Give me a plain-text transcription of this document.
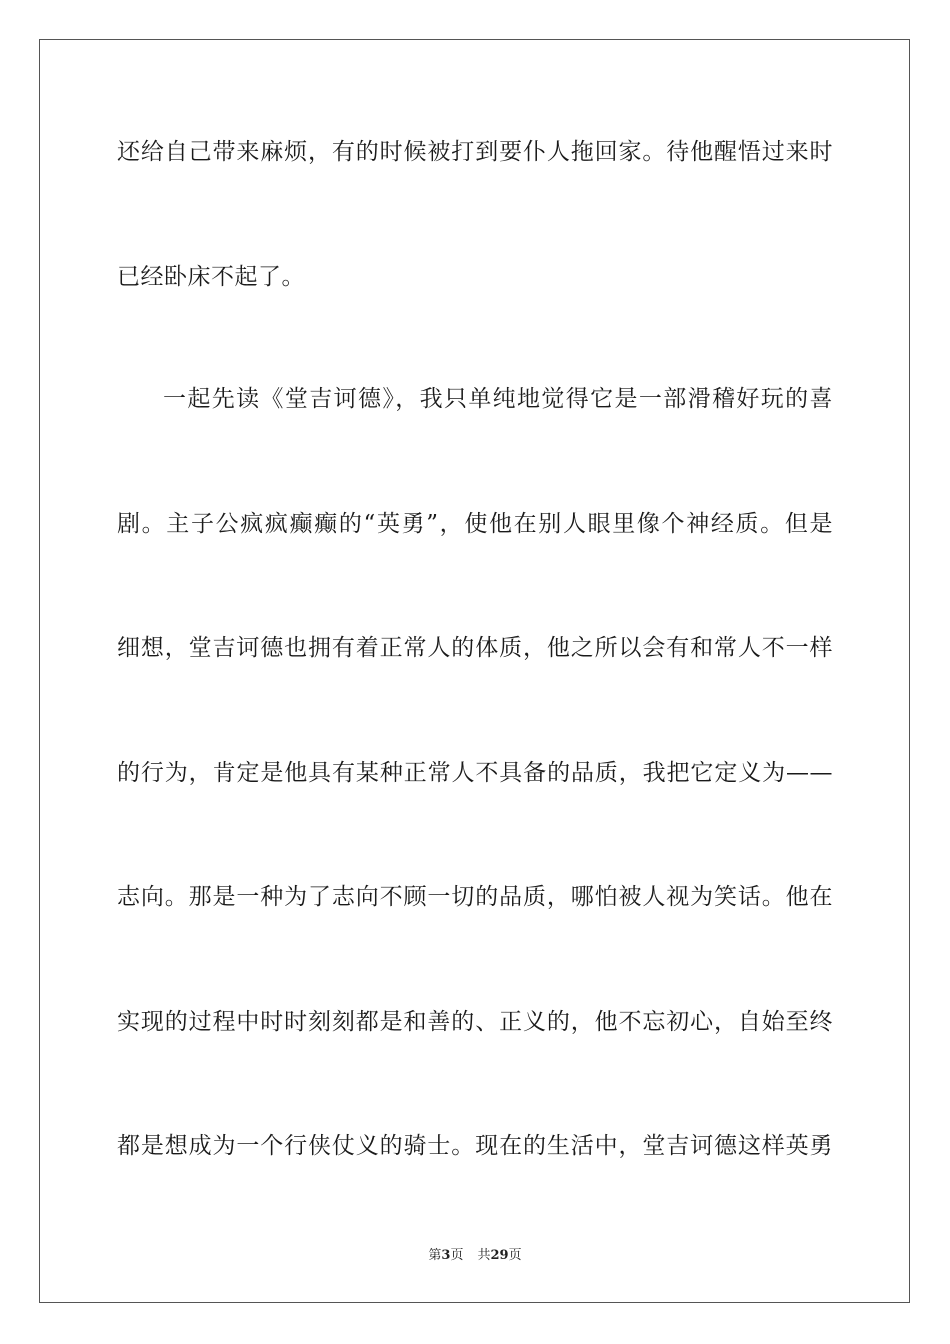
还给自己带来麻烦，有的时候被打到要仆人拖回家。待他醒悟过来时
已经卧床不起了。
一起先读《堂吉诃德》，我只单纯地觉得它是一部滑稽好玩的喜
剧。主子公疯疯癫癫的“英勇”，使他在别人眼里像个神经质。但是
细想，堂吉诃德也拥有着正常人的体质，他之所以会有和常人不一样
的行为，肯定是他具有某种正常人不具备的品质，我把它定义为——
志向。那是一种为了志向不顾一切的品质，哪怕被人视为笑话。他在
实现的过程中时时刻刻都是和善的、正义的，他不忘初心，自始至终
都是想成为一个行侠仗义的骑士。现在的生活中，堂吉诃德这样英勇
第3页 共29页
